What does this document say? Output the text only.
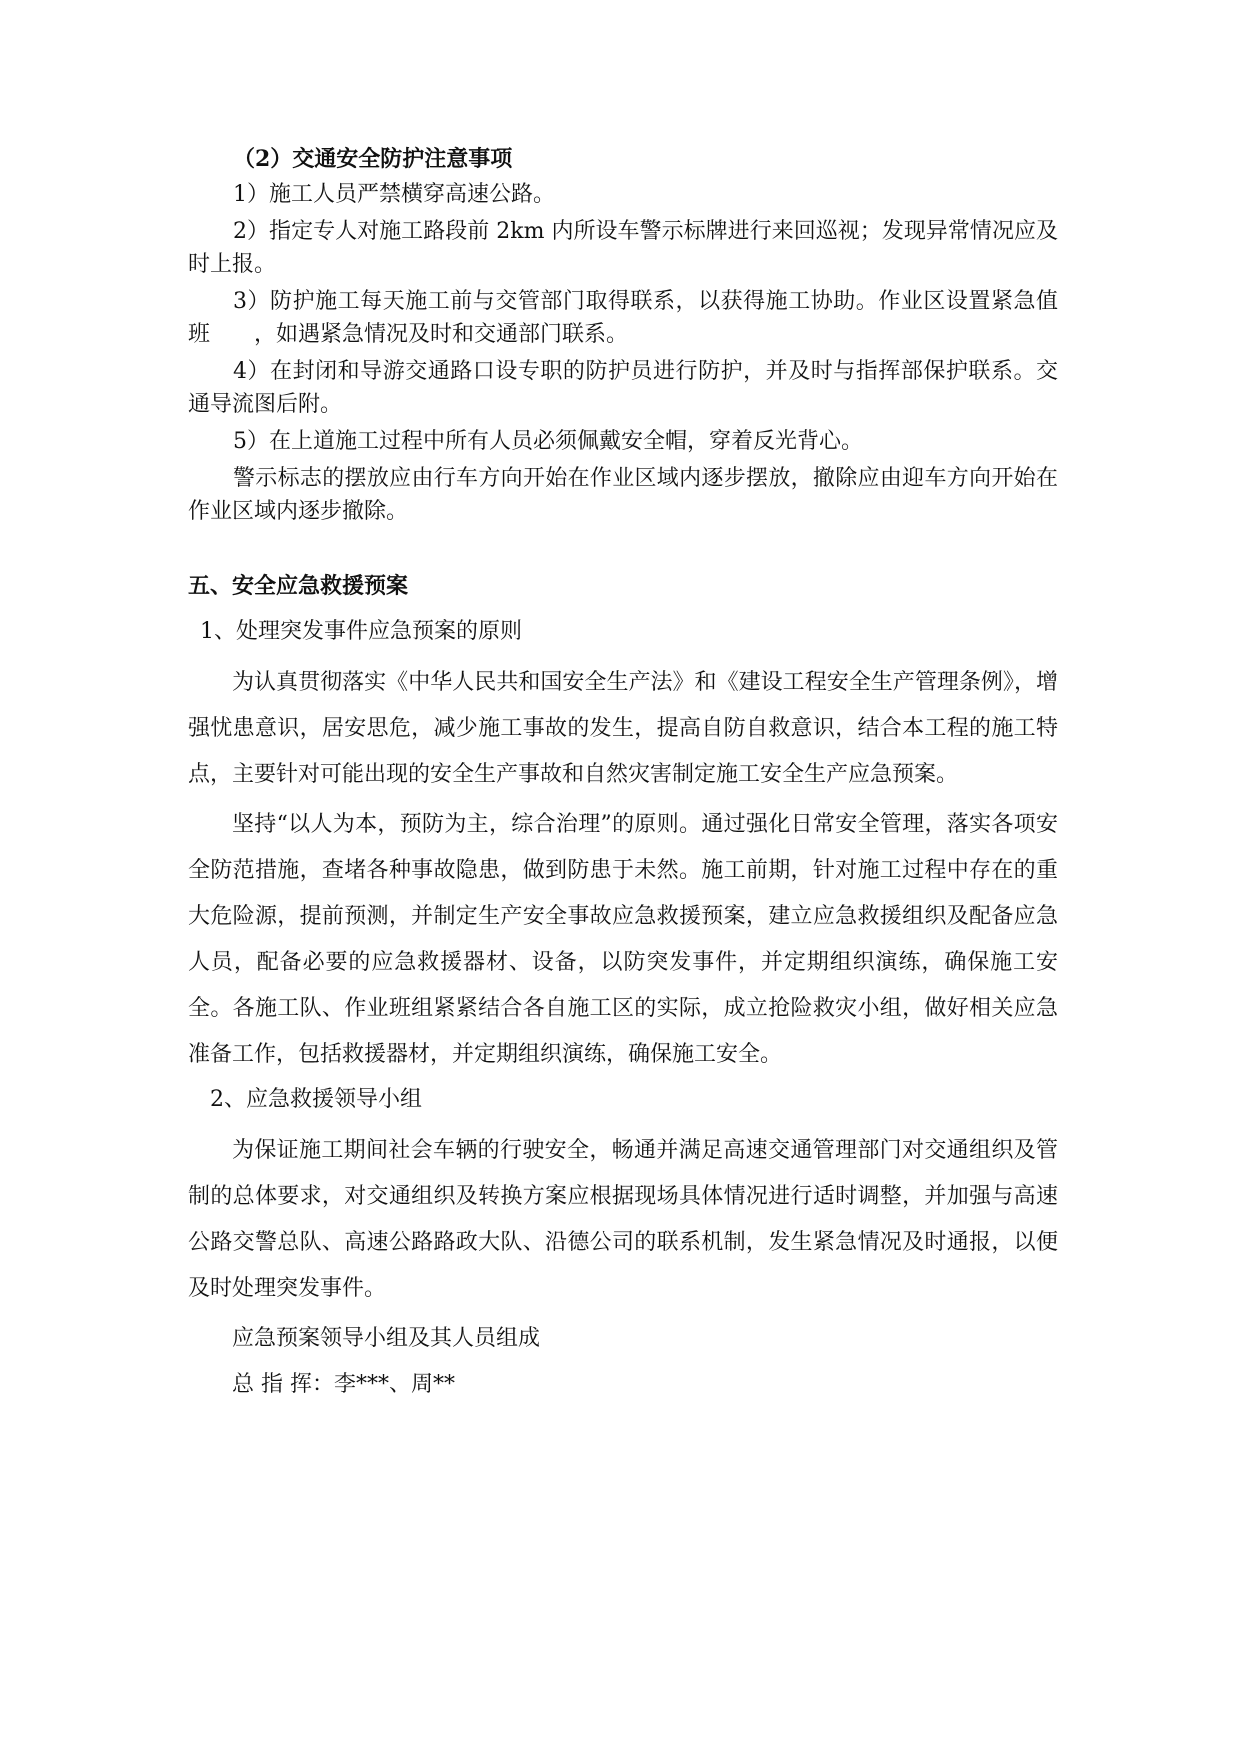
（2）交通安全防护注意事项

1）施工人员严禁横穿高速公路。

2）指定专人对施工路段前 2km 内所设车警示标牌进行来回巡视；发现异常情况应及时上报。

3）防护施工每天施工前与交管部门取得联系，以获得施工协助。作业区设置紧急值班　　，如遇紧急情况及时和交通部门联系。

4）在封闭和导游交通路口设专职的防护员进行防护，并及时与指挥部保护联系。交通导流图后附。

5）在上道施工过程中所有人员必须佩戴安全帽，穿着反光背心。

警示标志的摆放应由行车方向开始在作业区域内逐步摆放，撤除应由迎车方向开始在作业区域内逐步撤除。

五、安全应急救援预案
1、处理突发事件应急预案的原则

为认真贯彻落实《中华人民共和国安全生产法》和《建设工程安全生产管理条例》，增强忧患意识，居安思危，减少施工事故的发生，提高自防自救意识，结合本工程的施工特点，主要针对可能出现的安全生产事故和自然灾害制定施工安全生产应急预案。

坚持“以人为本，预防为主，综合治理”的原则。通过强化日常安全管理，落实各项安全防范措施，查堵各种事故隐患，做到防患于未然。施工前期，针对施工过程中存在的重大危险源，提前预测，并制定生产安全事故应急救援预案，建立应急救援组织及配备应急人员，配备必要的应急救援器材、设备，以防突发事件，并定期组织演练，确保施工安全。各施工队、作业班组紧紧结合各自施工区的实际，成立抢险救灾小组，做好相关应急准备工作，包括救援器材，并定期组织演练，确保施工安全。

2、应急救援领导小组

为保证施工期间社会车辆的行驶安全，畅通并满足高速交通管理部门对交通组织及管制的总体要求，对交通组织及转换方案应根据现场具体情况进行适时调整，并加强与高速公路交警总队、高速公路路政大队、沿德公司的联系机制，发生紧急情况及时通报，以便及时处理突发事件。

应急预案领导小组及其人员组成
总 指 挥：李***、周**
